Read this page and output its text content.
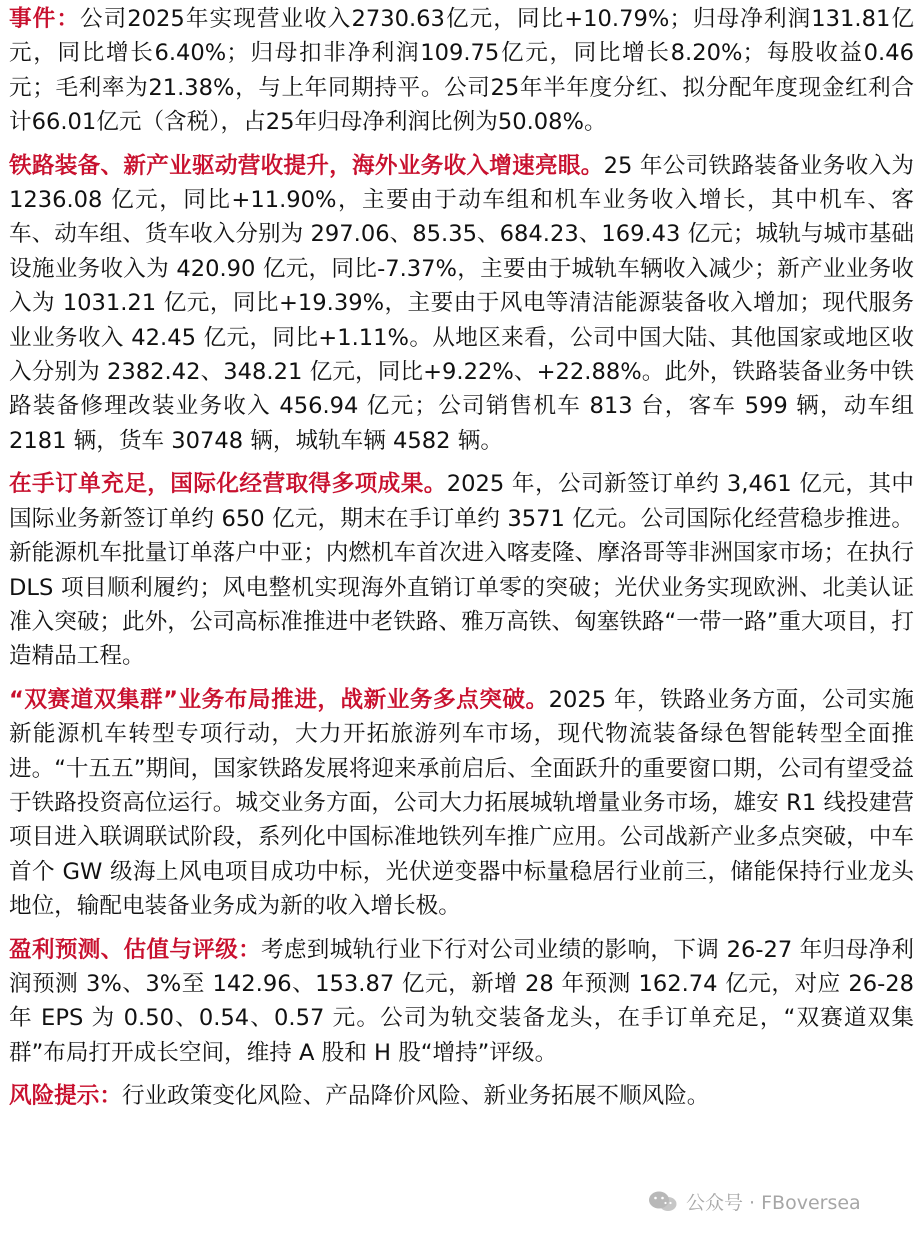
事件：公司2025年实现营业收入2730.63亿元，同比+10.79%；归母净利润131.81亿元，同比增长6.40%；归母扣非净利润109.75亿元，同比增长8.20%；每股收益0.46元；毛利率为21.38%，与上年同期持平。公司25年半年度分红、拟分配年度现金红利合计66.01亿元（含税），占25年归母净利润比例为50.08%。

铁路装备、新产业驱动营收提升，海外业务收入增速亮眼。25 年公司铁路装备业务收入为 1236.08 亿元，同比+11.90%，主要由于动车组和机车业务收入增长，其中机车、客车、动车组、货车收入分别为 297.06、85.35、684.23、169.43 亿元；城轨与城市基础设施业务收入为 420.90 亿元，同比-7.37%，主要由于城轨车辆收入减少；新产业业务收入为 1031.21 亿元，同比+19.39%，主要由于风电等清洁能源装备收入增加；现代服务业业务收入 42.45 亿元，同比+1.11%。从地区来看，公司中国大陆、其他国家或地区收入分别为 2382.42、348.21 亿元，同比+9.22%、+22.88%。此外，铁路装备业务中铁路装备修理改装业务收入 456.94 亿元；公司销售机车 813 台，客车 599 辆，动车组 2181 辆，货车 30748 辆，城轨车辆 4582 辆。

在手订单充足，国际化经营取得多项成果。2025 年，公司新签订单约 3,461 亿元，其中国际业务新签订单约 650 亿元，期末在手订单约 3571 亿元。公司国际化经营稳步推进。新能源机车批量订单落户中亚；内燃机车首次进入喀麦隆、摩洛哥等非洲国家市场；在执行 DLS 项目顺利履约；风电整机实现海外直销订单零的突破；光伏业务实现欧洲、北美认证准入突破；此外，公司高标准推进中老铁路、雅万高铁、匈塞铁路“一带一路”重大项目，打造精品工程。

“双赛道双集群”业务布局推进，战新业务多点突破。2025 年，铁路业务方面，公司实施新能源机车转型专项行动，大力开拓旅游列车市场，现代物流装备绿色智能转型全面推进。“十五五”期间，国家铁路发展将迎来承前启后、全面跃升的重要窗口期，公司有望受益于铁路投资高位运行。城交业务方面，公司大力拓展城轨增量业务市场，雄安 R1 线投建营项目进入联调联试阶段，系列化中国标准地铁列车推广应用。公司战新产业多点突破，中车首个 GW 级海上风电项目成功中标，光伏逆变器中标量稳居行业前三，储能保持行业龙头地位，输配电装备业务成为新的收入增长极。

盈利预测、估值与评级：考虑到城轨行业下行对公司业绩的影响，下调 26-27 年归母净利润预测 3%、3%至 142.96、153.87 亿元，新增 28 年预测 162.74 亿元，对应 26-28 年 EPS 为 0.50、0.54、0.57 元。公司为轨交装备龙头，在手订单充足，“双赛道双集群”布局打开成长空间，维持 A 股和 H 股“增持”评级。

风险提示：行业政策变化风险、产品降价风险、新业务拓展不顺风险。

公众号 · FBoversea
